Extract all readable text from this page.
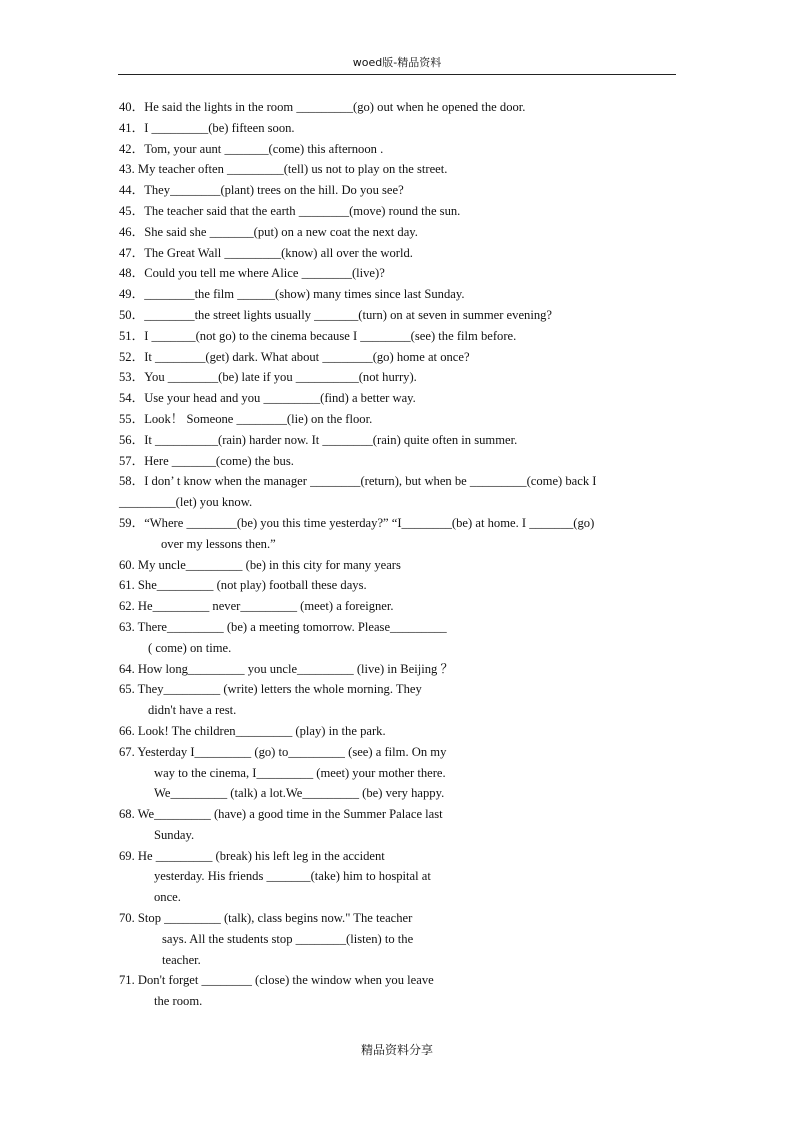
woed版-精品资料

40．He said the lights in the room _________(go) out when he opened the door.

41．I _________(be) fifteen soon.

42．Tom, your aunt _______(come) this afternoon .

43. My teacher often _________(tell) us not to play on the street.

44．They________(plant) trees on the hill. Do you see?

45．The teacher said that the earth ________(move) round the sun.

46．She said she _______(put) on a new coat the next day.

47．The Great Wall _________(know) all over the world.

48．Could you tell me where Alice ________(live)?

49．________the film ______(show) many times since last Sunday.

50．________the street lights usually _______(turn) on at seven in summer evening?

51．I _______(not go) to the cinema because I ________(see) the film before.

52．It ________(get) dark. What about ________(go) home at once?

53．You ________(be) late if you __________(not hurry).

54．Use your head and you _________(find) a better way.

55．Look！ Someone ________(lie) on the floor.

56．It __________(rain) harder now. It ________(rain) quite often in summer.

57．Here _______(come) the bus.

58．I don’ t know when the manager ________(return), but when be _________(come) back I

_________(let) you know.

59．“Where ________(be) you this time yesterday?” “I________(be) at home. I _______(go)

over my lessons then.”

60. My uncle_________ (be) in this city for many years

61. She_________ (not play) football these days.

62. He_________ never_________ (meet) a foreigner.

63. There_________ (be) a meeting tomorrow. Please_________

( come) on time.

64. How long_________ you uncle_________ (live) in Beijing ？

65. They_________ (write) letters the whole morning. They

didn't have a rest.

66. Look! The children_________ (play) in the park.

67. Yesterday I_________ (go) to_________ (see) a film. On my

way to the cinema, I_________ (meet) your mother there.

We_________ (talk) a lot.We_________ (be) very happy.

68. We_________ (have) a good time in the Summer Palace last

Sunday.

69. He _________ (break) his left leg in the accident

yesterday. His friends _______(take) him to hospital at

once.

70. Stop _________ (talk), class begins now." The teacher

says. All the students stop ________(listen) to the

teacher.

71. Don't forget ________ (close) the window when you leave

the room.

精品资料分享
